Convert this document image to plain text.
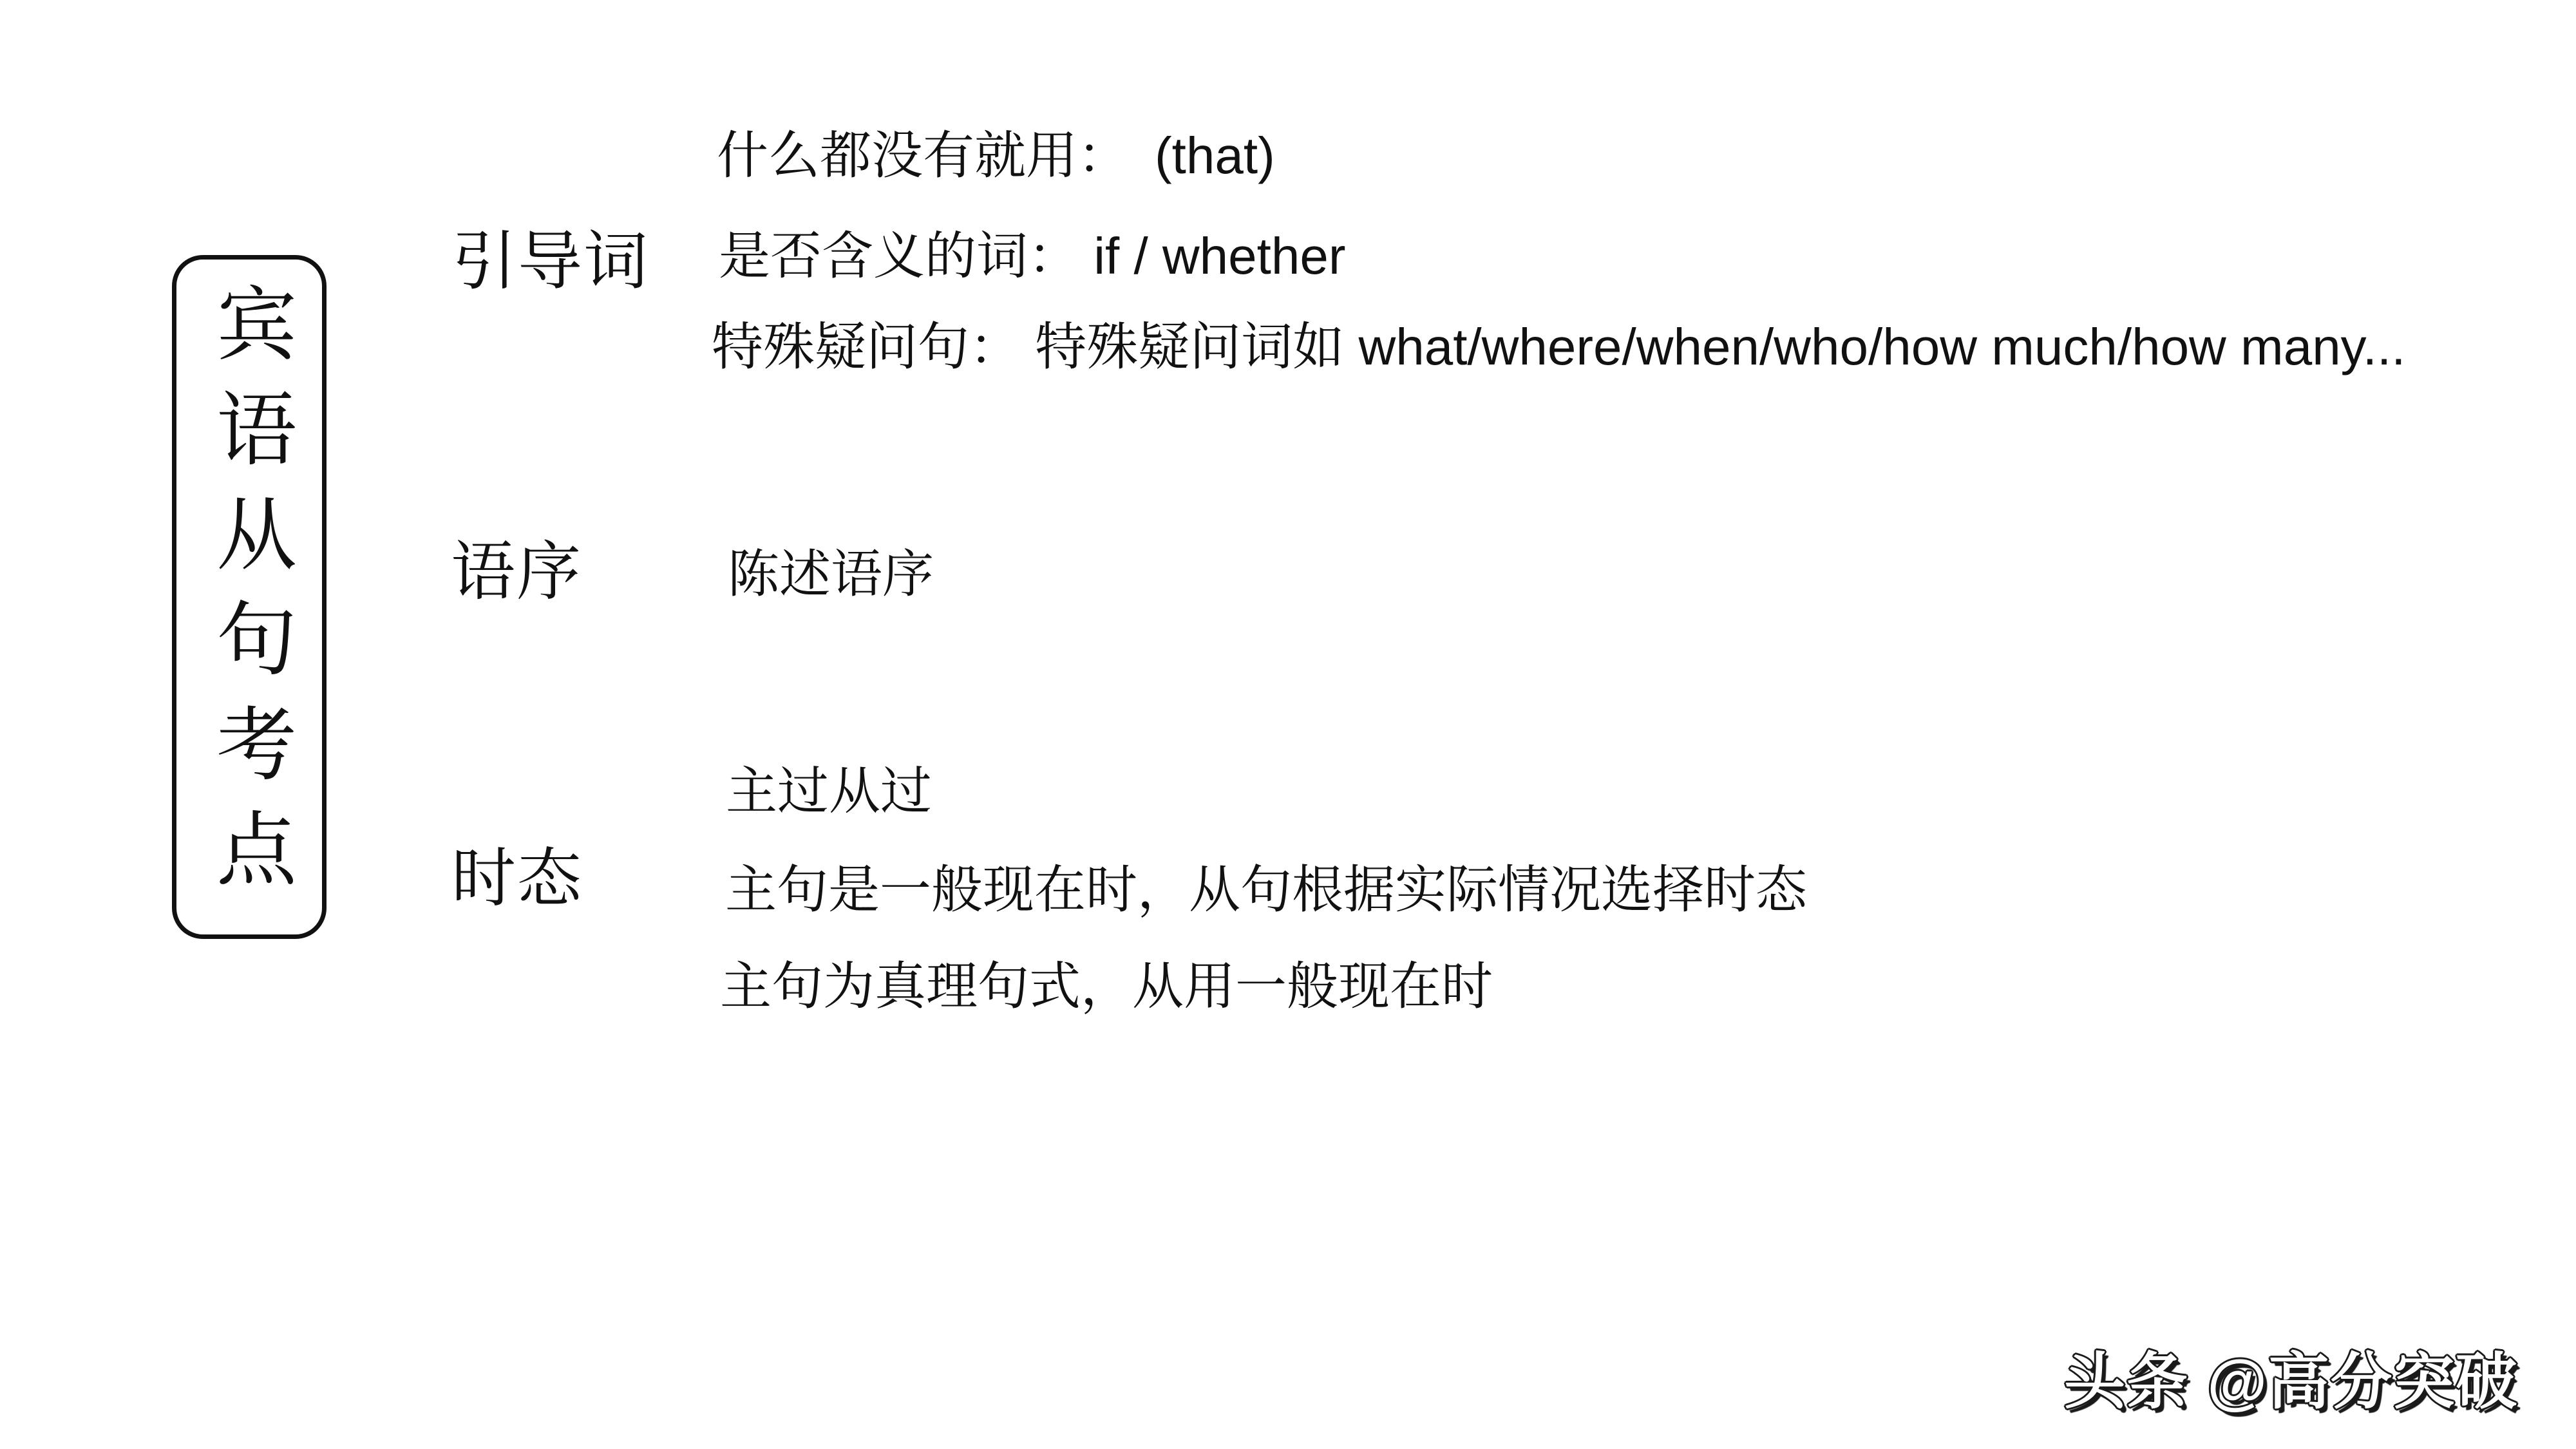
宾语从句考点
引导词
什么都没有就用：　(that)
是否含义的词： if / whether
特殊疑问句： 特殊疑问词如 what/where/when/who/how much/how many...
语序	陈述语序
时态
主过从过
主句是一般现在时，从句根据实际情况选择时态
主句为真理句式，从用一般现在时
头条 @高分突破
